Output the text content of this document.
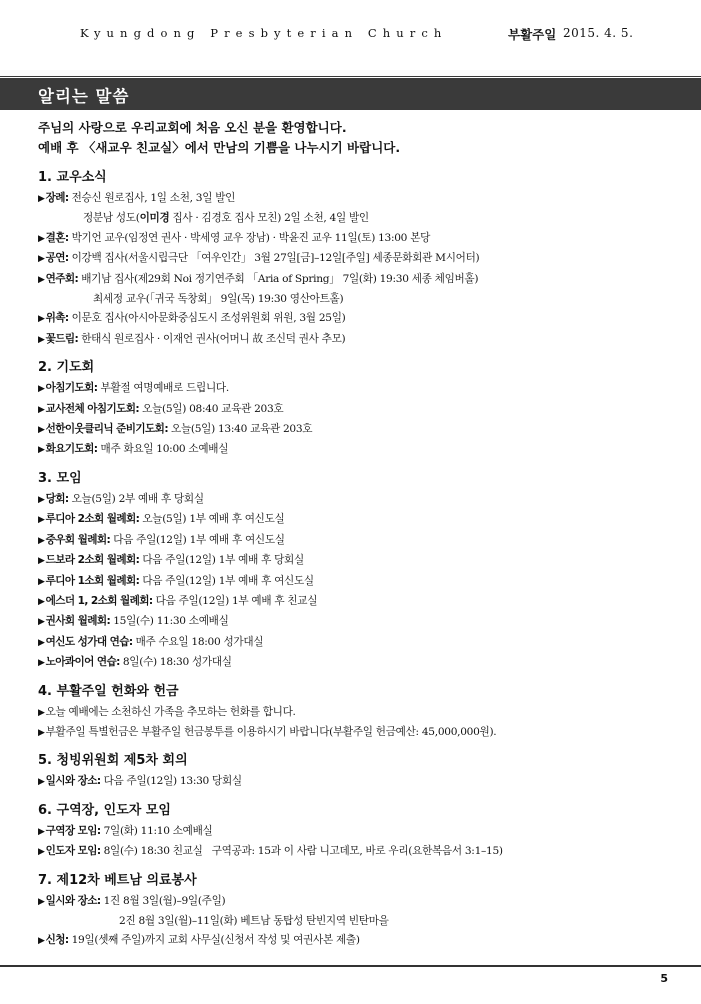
Kyungdong Presbyterian Church	부활주일 2015. 4. 5.
알리는 말씀
주님의 사랑으로 우리교회에 처음 오신 분을 환영합니다.
예배 후 〈새교우 친교실〉에서 만남의 기쁨을 나누시기 바랍니다.
1. 교우소식
▶장례: 전승신 원로집사, 1일 소천, 3일 발인
정분남 성도(이미경 집사 · 김경호 집사 모친) 2일 소천, 4일 발인
▶결혼: 박기언 교우(임정연 권사 · 박세영 교우 장남) · 박윤진 교우 11일(토) 13:00 본당
▶공연: 이강백 집사(서울시립극단 「여우인간」 3월 27일[금]–12일[주일] 세종문화회관 M시어터)
▶연주회: 배기남 집사(제29회 Noi 정기연주회 「Aria of Spring」 7일(화) 19:30 세종 체임버홀)
최세정 교우(「귀국 독창회」 9일(목) 19:30 영산아트홀)
▶위촉: 이문호 집사(아시아문화중심도시 조성위원회 위원, 3월 25일)
▶꽃드림: 한태식 원로집사 · 이재언 권사(어머니 故 조신덕 권사 추모)
2. 기도회
▶아침기도회: 부활절 여명예배로 드립니다.
▶교사전체 아침기도회: 오늘(5일) 08:40 교육관 203호
▶선한이웃클리닉 준비기도회: 오늘(5일) 13:40 교육관 203호
▶화요기도회: 매주 화요일 10:00 소예배실
3. 모임
▶당회: 오늘(5일) 2부 예배 후 당회실
▶루디아 2소회 월례회: 오늘(5일) 1부 예배 후 여신도실
▶중우회 월례회: 다음 주일(12일) 1부 예배 후 여신도실
▶드보라 2소회 월례회: 다음 주일(12일) 1부 예배 후 당회실
▶루디아 1소회 월례회: 다음 주일(12일) 1부 예배 후 여신도실
▶에스더 1, 2소회 월례회: 다음 주일(12일) 1부 예배 후 친교실
▶권사회 월례회: 15일(수) 11:30 소예배실
▶여신도 성가대 연습: 매주 수요일 18:00 성가대실
▶노아콰이어 연습: 8일(수) 18:30 성가대실
4. 부활주일 헌화와 헌금
▶오늘 예배에는 소천하신 가족을 추모하는 헌화를 합니다.
▶부활주일 특별헌금은 부활주일 헌금봉투를 이용하시기 바랍니다(부활주일 헌금예산: 45,000,000원).
5. 청빙위원회 제5차 회의
▶일시와 장소: 다음 주일(12일) 13:30 당회실
6. 구역장, 인도자 모임
▶구역장 모임: 7일(화) 11:10 소예배실
▶인도자 모임: 8일(수) 18:30 친교실   구역공과: 15과 이 사람 니고데모, 바로 우리(요한복음서 3:1–15)
7. 제12차 베트남 의료봉사
▶일시와 장소: 1진 8월 3일(월)–9일(주일)
2진 8월 3일(월)–11일(화) 베트남 동탑성 탄빈지역 빈탄마을
▶신청: 19일(셋째 주일)까지 교회 사무실(신청서 작성 및 여권사본 제출)
5
